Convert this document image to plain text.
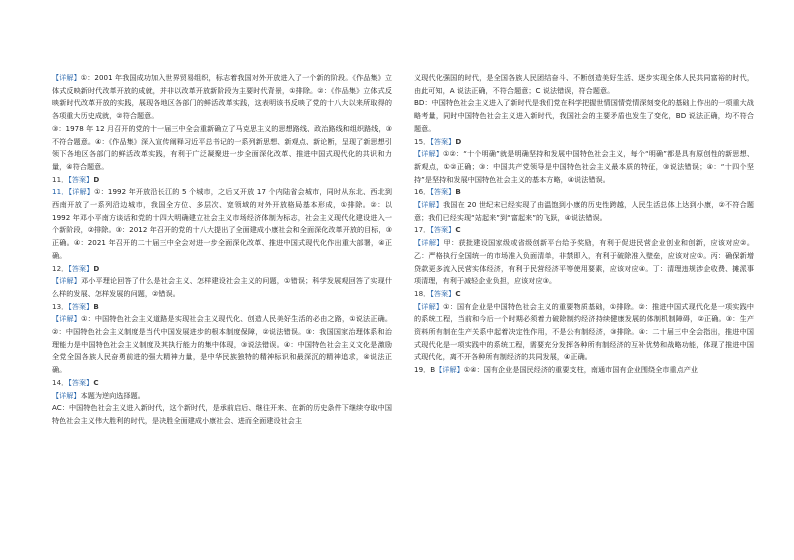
【详解】①：2001 年我国成功加入世界贸易组织，标志着我国对外开放进入了一个新的阶段。《作品集》立体式反映新时代改革开放的成就，并非以改革开放新阶段为主要时代背景，①排除。②：《作品集》立体式反映新时代改革开放的实践，展现各地区各部门的鲜活改革实践，这表明该书反映了党的十八大以来所取得的各项重大历史成就，②符合题意。

③：1978 年 12 月召开的党的十一届三中全会重新确立了马克思主义的思想路线、政治路线和组织路线，③不符合题意。④：《作品集》深入宣传阐释习近平总书记的一系列新思想、新观点、新论断，呈现了新思想引领下各地区各部门的鲜活改革实践，有利于广泛凝聚进一步全面深化改革、推进中国式现代化的共识和力量，④符合题意。

11．【答案】D

11．【详解】①：1992 年开放沿长江的 5 个城市，之后又开放 17 个内陆省会城市，同时从东北、西北到西南开放了一系列沿边城市，我国全方位、多层次、宽领域的对外开放格局基本形成，①排除。②：以 1992 年邓小平南方谈话和党的十四大明确建立社会主义市场经济体制为标志，社会主义现代化建设进入一个新阶段，②排除。③：2012 年召开的党的十八大提出了全面建成小康社会和全面深化改革开放的目标，③正确。④：2021 年召开的二十届三中全会对进一步全面深化改革、推进中国式现代化作出重大部署，④正确。

12．【答案】D

【详解】邓小平理论回答了什么是社会主义、怎样建设社会主义的问题，①错误；科学发展观回答了实现什么样的发展、怎样发展的问题，②错误。

13．【答案】B

【详解】①：中国特色社会主义道路是实现社会主义现代化、创造人民美好生活的必由之路，①说法正确。②：中国特色社会主义制度是当代中国发展进步的根本制度保障，②说法错误。③：我国国家治理体系和治理能力是中国特色社会主义制度及其执行能力的集中体现，③说法错误。④：中国特色社会主义文化是激励全党全国各族人民奋勇前进的强大精神力量，是中华民族独特的精神标识和最深沉的精神追求，④说法正确。

14．【答案】C

【详解】本题为逆向选择题。

AC：中国特色社会主义进入新时代，这个新时代，是承前启后、继往开来、在新的历史条件下继续夺取中国特色社会主义伟大胜利的时代，是决胜全面建成小康社会、进而全面建设社会主

义现代化强国的时代，是全国各族人民团结奋斗、不断创造美好生活、逐步实现全体人民共同富裕的时代，由此可知，A 说法正确，不符合题意；C 说法错误，符合题意。

BD：中国特色社会主义进入了新时代是我们党在科学把握世情国情党情深刻变化的基础上作出的一项重大战略考量，同时中国特色社会主义进入新时代，我国社会的主要矛盾也发生了变化，BD 说法正确，均不符合题意。

15．【答案】D

【详解】①②：“十个明确”就是明确坚持和发展中国特色社会主义，每个“明确”都是具有原创性的新思想、新观点，①②正确；③：中国共产党领导是中国特色社会主义最本质的特征，③说法错误；④：“十四个坚持”是坚持和发展中国特色社会主义的基本方略，④说法错误。

16．【答案】B

【详解】我国在 20 世纪末已经实现了由温饱到小康的历史性跨越，人民生活总体上达到小康，②不符合题意；我们已经实现“站起来”到“富起来”的飞跃，④说法错误。

17．【答案】C

【详解】甲：获批建设国家级或省级创新平台给予奖励，有利于促进民营企业创业和创新，应该对应②。乙：严格执行全国统一的市场准入负面清单，非禁即入，有利于破除准入壁垒，应该对应①。丙：确保新增贷款更多流入民营实体经济，有利于民营经济平等使用要素，应该对应④。丁：清理违规涉企收费、摊派事项清理，有利于减轻企业负担，应该对应③。

18．【答案】C

【详解】①：国有企业是中国特色社会主义的重要物质基础，①排除。②：推进中国式现代化是一项实践中的系统工程，当前和今后一个时期必须着力破除制约经济持续健康发展的体制机制障碍，②正确。③：生产资料所有制在生产关系中起着决定性作用，不是公有制经济，③排除。④：二十届三中全会指出，推进中国式现代化是一项实践中的系统工程，需要充分发挥各种所有制经济的互补优势和战略功能，体现了推进中国式现代化，离不开各种所有制经济的共同发展，④正确。

19．B【详解】①④：国有企业是国民经济的重要支柱，南通市国有企业围绕全市重点产业
